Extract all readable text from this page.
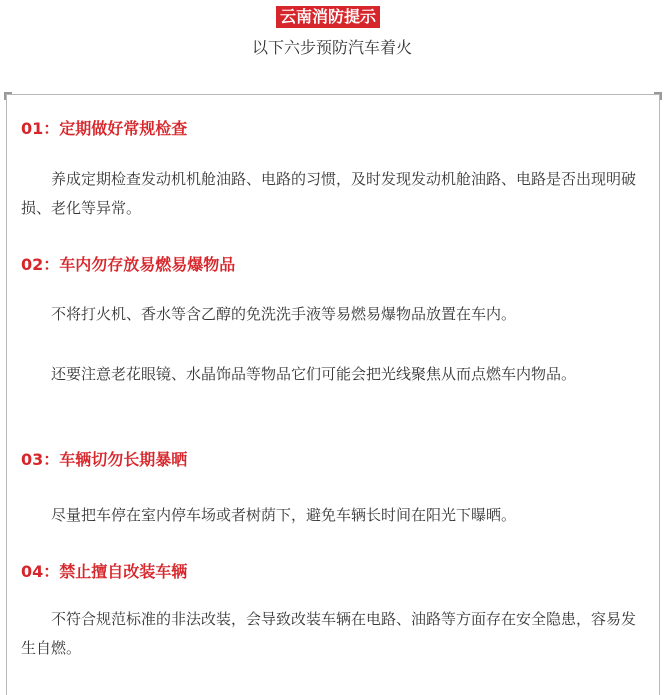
云南消防提示
以下六步预防汽车着火
01：定期做好常规检查
养成定期检查发动机机舱油路、电路的习惯，及时发现发动机舱油路、电路是否出现明破损、老化等异常。
02：车内勿存放易燃易爆物品
不将打火机、香水等含乙醇的免洗洗手液等易燃易爆物品放置在车内。
还要注意老花眼镜、水晶饰品等物品它们可能会把光线聚焦从而点燃车内物品。
03：车辆切勿长期暴晒
尽量把车停在室内停车场或者树荫下，避免车辆长时间在阳光下曝晒。
04：禁止擅自改装车辆
不符合规范标准的非法改装，会导致改装车辆在电路、油路等方面存在安全隐患，容易发生自燃。
